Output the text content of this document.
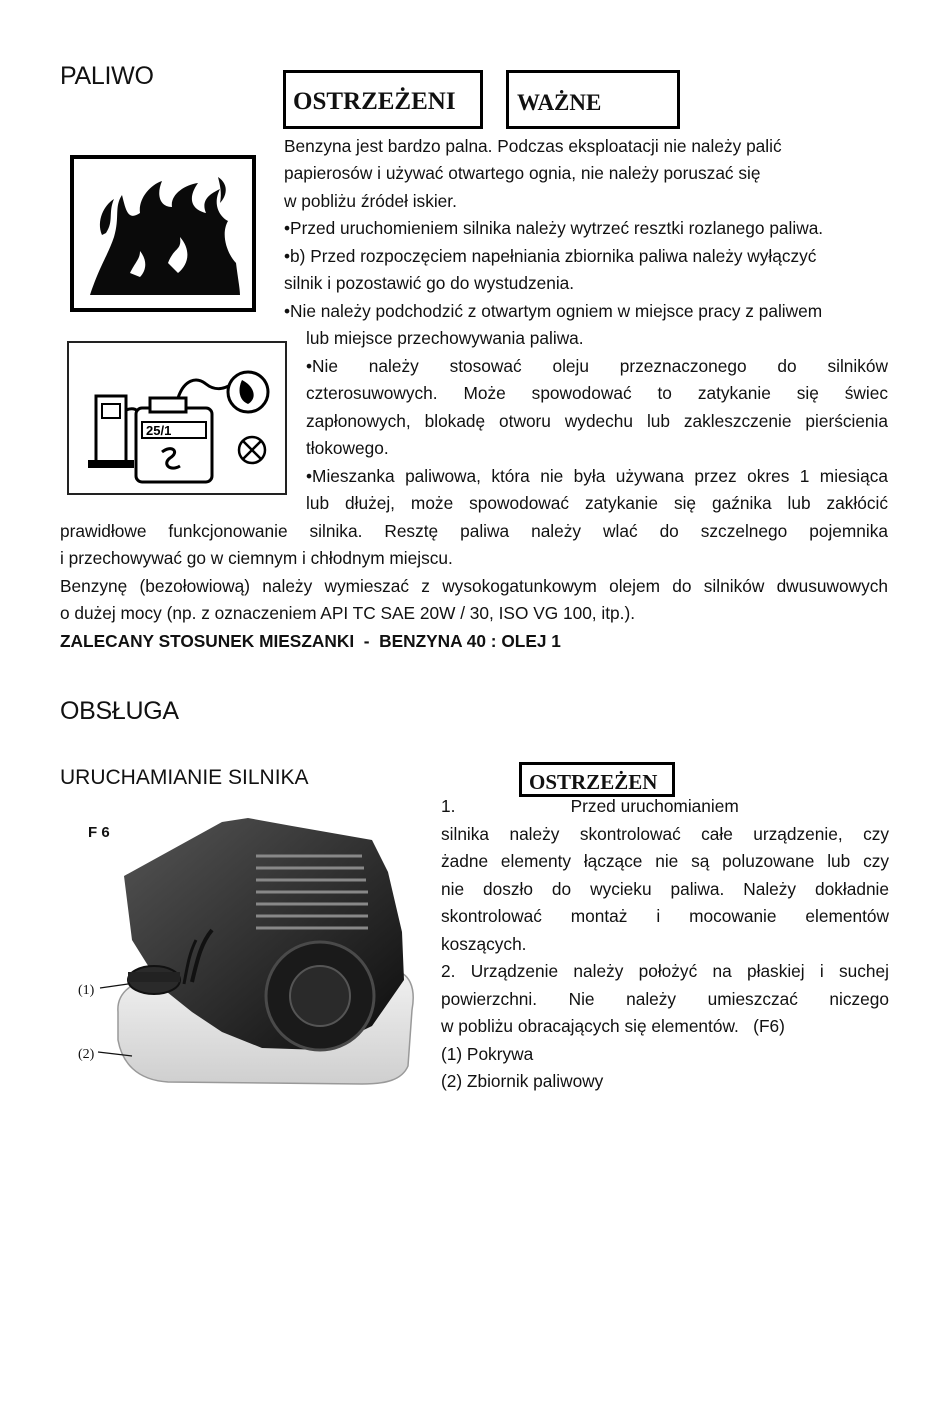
PALIWO
OSTRZEŻENI	WAŻNE
25/1
Benzyna jest bardzo palna. Podczas eksploatacji nie należy palić
papierosów i używać otwartego ognia, nie należy poruszać się
w pobliżu źródeł iskier.
•Przed uruchomieniem silnika należy wytrzeć resztki rozlanego paliwa.
•b) Przed rozpoczęciem napełniania zbiornika paliwa należy wyłączyć
silnik i pozostawić go do wystudzenia.
•Nie należy podchodzić z otwartym ogniem w miejsce pracy z paliwem
lub miejsce przechowywania paliwa.
•Nie należy stosować oleju przeznaczonego do silników
czterosuwowych. Może spowodować to zatykanie się świec
zapłonowych, blokadę otworu wydechu lub zakleszczenie pierścienia
tłokowego.
•Mieszanka paliwowa, która nie była używana przez okres 1 miesiąca
lub dłużej, może spowodować zatykanie się gaźnika lub zakłócić
prawidłowe funkcjonowanie silnika. Resztę paliwa należy wlać do szczelnego pojemnika
i przechowywać go w ciemnym i chłodnym miejscu.
Benzynę (bezołowiową) należy wymieszać z wysokogatunkowym olejem do silników dwusuwowych
o dużej mocy (np. z oznaczeniem API TC SAE 20W / 30, ISO VG 100, itp.).
ZALECANY STOSUNEK MIESZANKI  -  BENZYNA 40 : OLEJ 1
OBSŁUGA
URUCHAMIANIE SILNIKA	OSTRZEŻEN
F 6
(1)
(2)
1.                        Przed uruchomianiem
silnika należy skontrolować całe urządzenie, czy
żadne elementy łączące nie są poluzowane lub czy
nie doszło do wycieku paliwa. Należy dokładnie
skontrolować montaż i mocowanie elementów
koszących.
2. Urządzenie należy położyć na płaskiej i suchej
powierzchni. Nie należy umieszczać niczego
w pobliżu obracających się elementów.   (F6)
(1) Pokrywa
(2) Zbiornik paliwowy
